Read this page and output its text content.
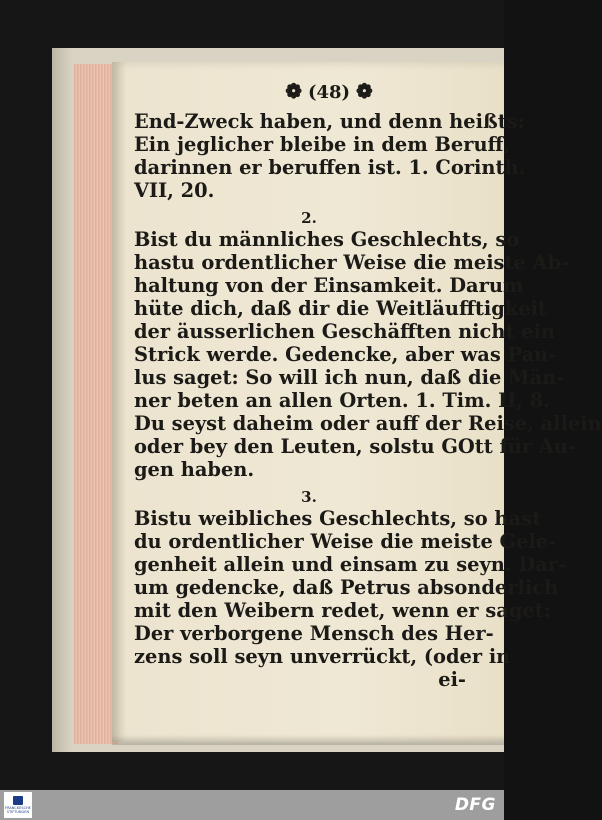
❁ (48) ❁
End-Zweck haben, und denn heißts:
Ein jeglicher bleibe in dem Beruff,
darinnen er beruffen ist. 1. Corinth.
VII, 20.
2.
Bist du männliches Geschlechts, so
hastu ordentlicher Weise die meiste Ab-
haltung von der Einsamkeit. Darum
hüte dich, daß dir die Weitläufftigkeit
der äusserlichen Geschäfften nicht ein
Strick werde. Gedencke, aber was Pau-
lus saget: So will ich nun, daß die Män-
ner beten an allen Orten. 1. Tim. II, 8.
Du seyst daheim oder auff der Reise, allein
oder bey den Leuten, solstu GOtt für Au-
gen haben.
3.
Bistu weibliches Geschlechts, so hast
du ordentlicher Weise die meiste Gele-
genheit allein und einsam zu seyn. Dar-
um gedencke, daß Petrus absonderlich
mit den Weibern redet, wenn er saget:
Der verborgene Mensch des Her-
zens soll seyn unverrückt, (oder in
ei-
FRANCKESCHE STIFTUNGEN	DFG
